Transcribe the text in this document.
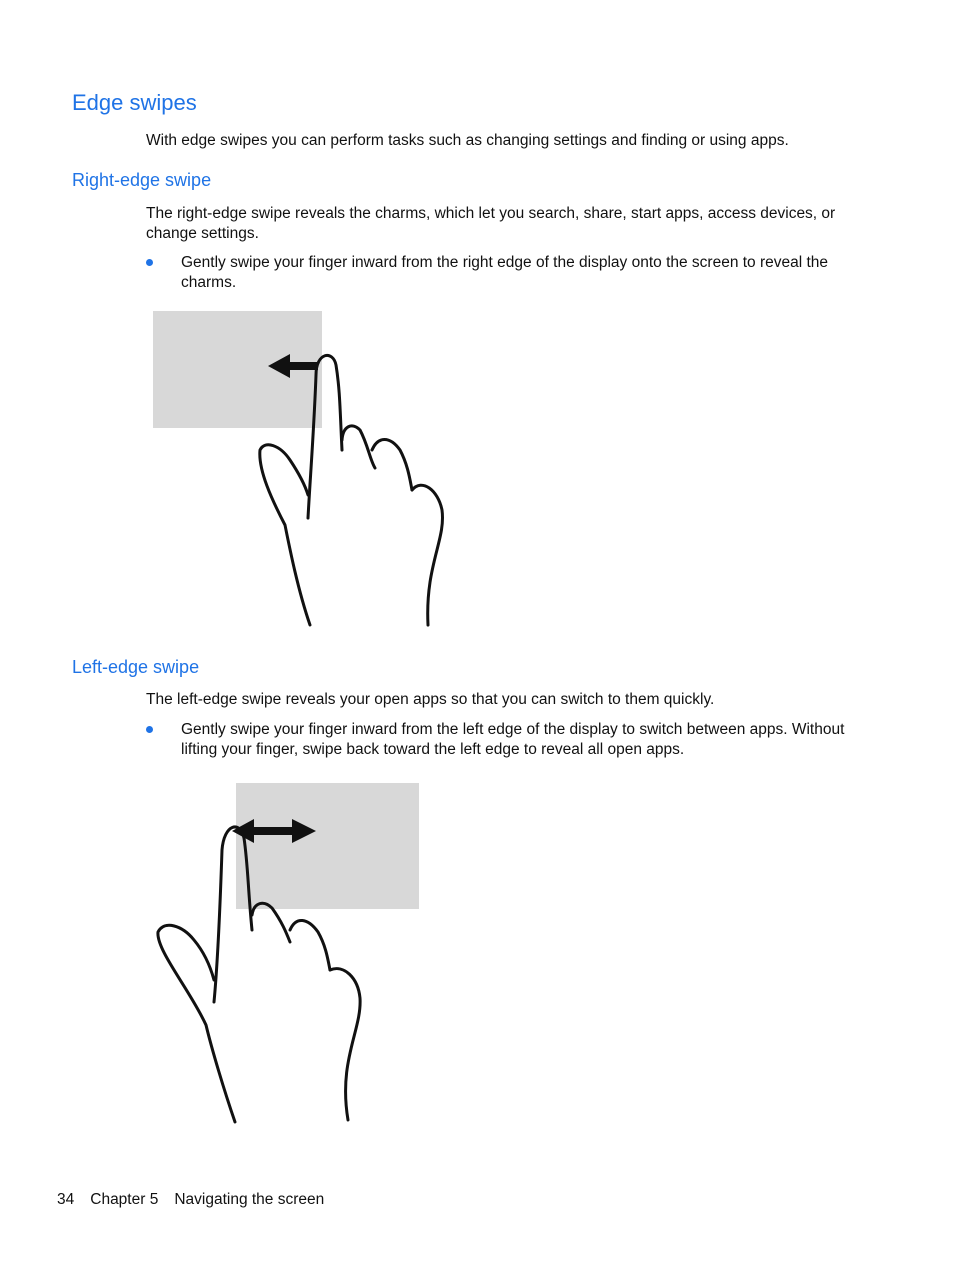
Edge swipes

With edge swipes you can perform tasks such as changing settings and finding or using apps.

Right-edge swipe

The right-edge swipe reveals the charms, which let you search, share, start apps, access devices, or change settings.

Gently swipe your finger inward from the right edge of the display onto the screen to reveal the charms.

Left-edge swipe

The left-edge swipe reveals your open apps so that you can switch to them quickly.

Gently swipe your finger inward from the left edge of the display to switch between apps. Without lifting your finger, swipe back toward the left edge to reveal all open apps.

34 Chapter 5 Navigating the screen
